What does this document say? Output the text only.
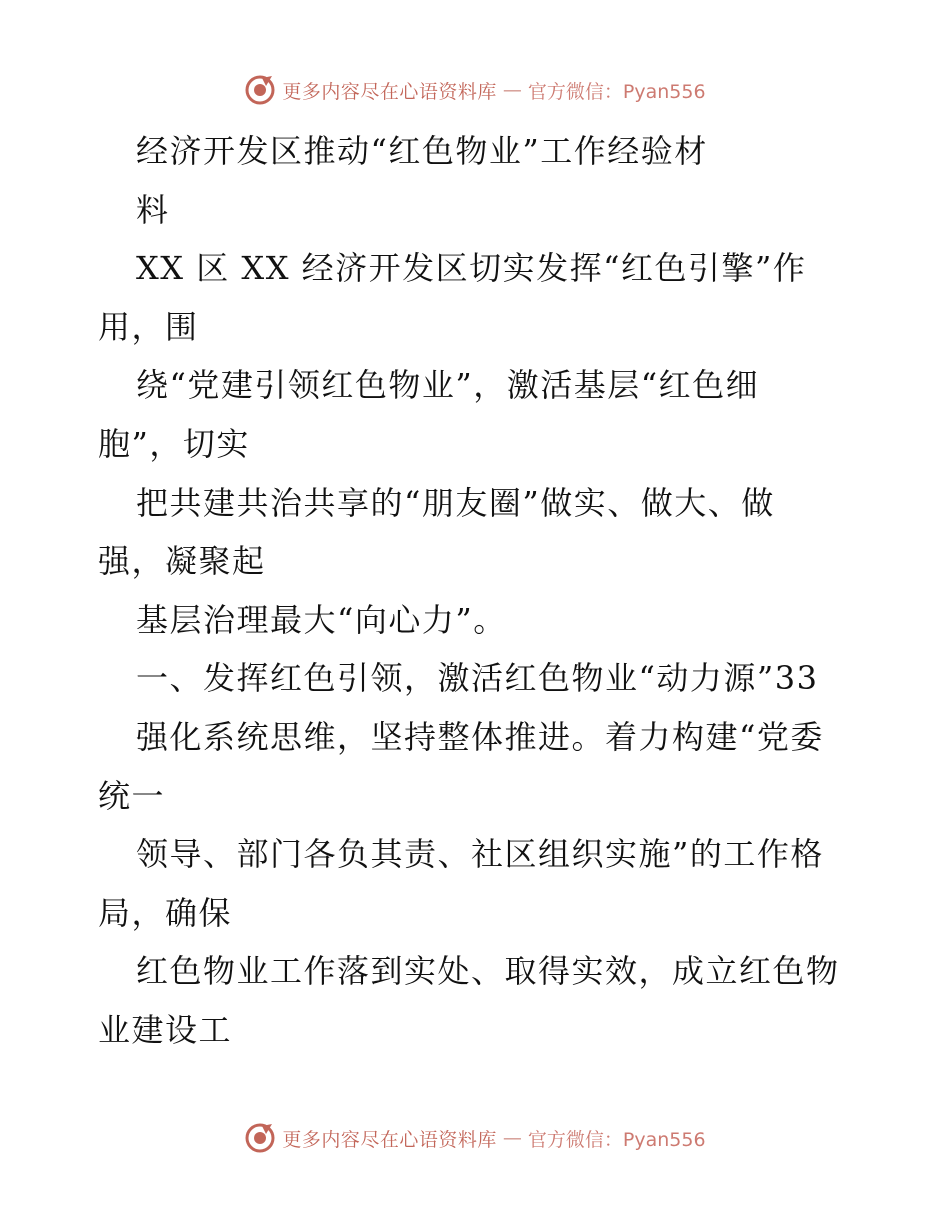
更多内容尽在心语资料库 — 官方微信：Pyan556
经济开发区推动“红色物业”工作经验材
料
XX 区 XX 经济开发区切实发挥“红色引擎”作
用，围
绕“党建引领红色物业”，激活基层“红色细
胞”，切实
把共建共治共享的“朋友圈”做实、做大、做
强，凝聚起
基层治理最大“向心力”。
一、发挥红色引领，激活红色物业“动力源”33
强化系统思维，坚持整体推进。着力构建“党委
统一
领导、部门各负其责、社区组织实施”的工作格
局，确保
红色物业工作落到实处、取得实效，成立红色物
业建设工
更多内容尽在心语资料库 — 官方微信：Pyan556
